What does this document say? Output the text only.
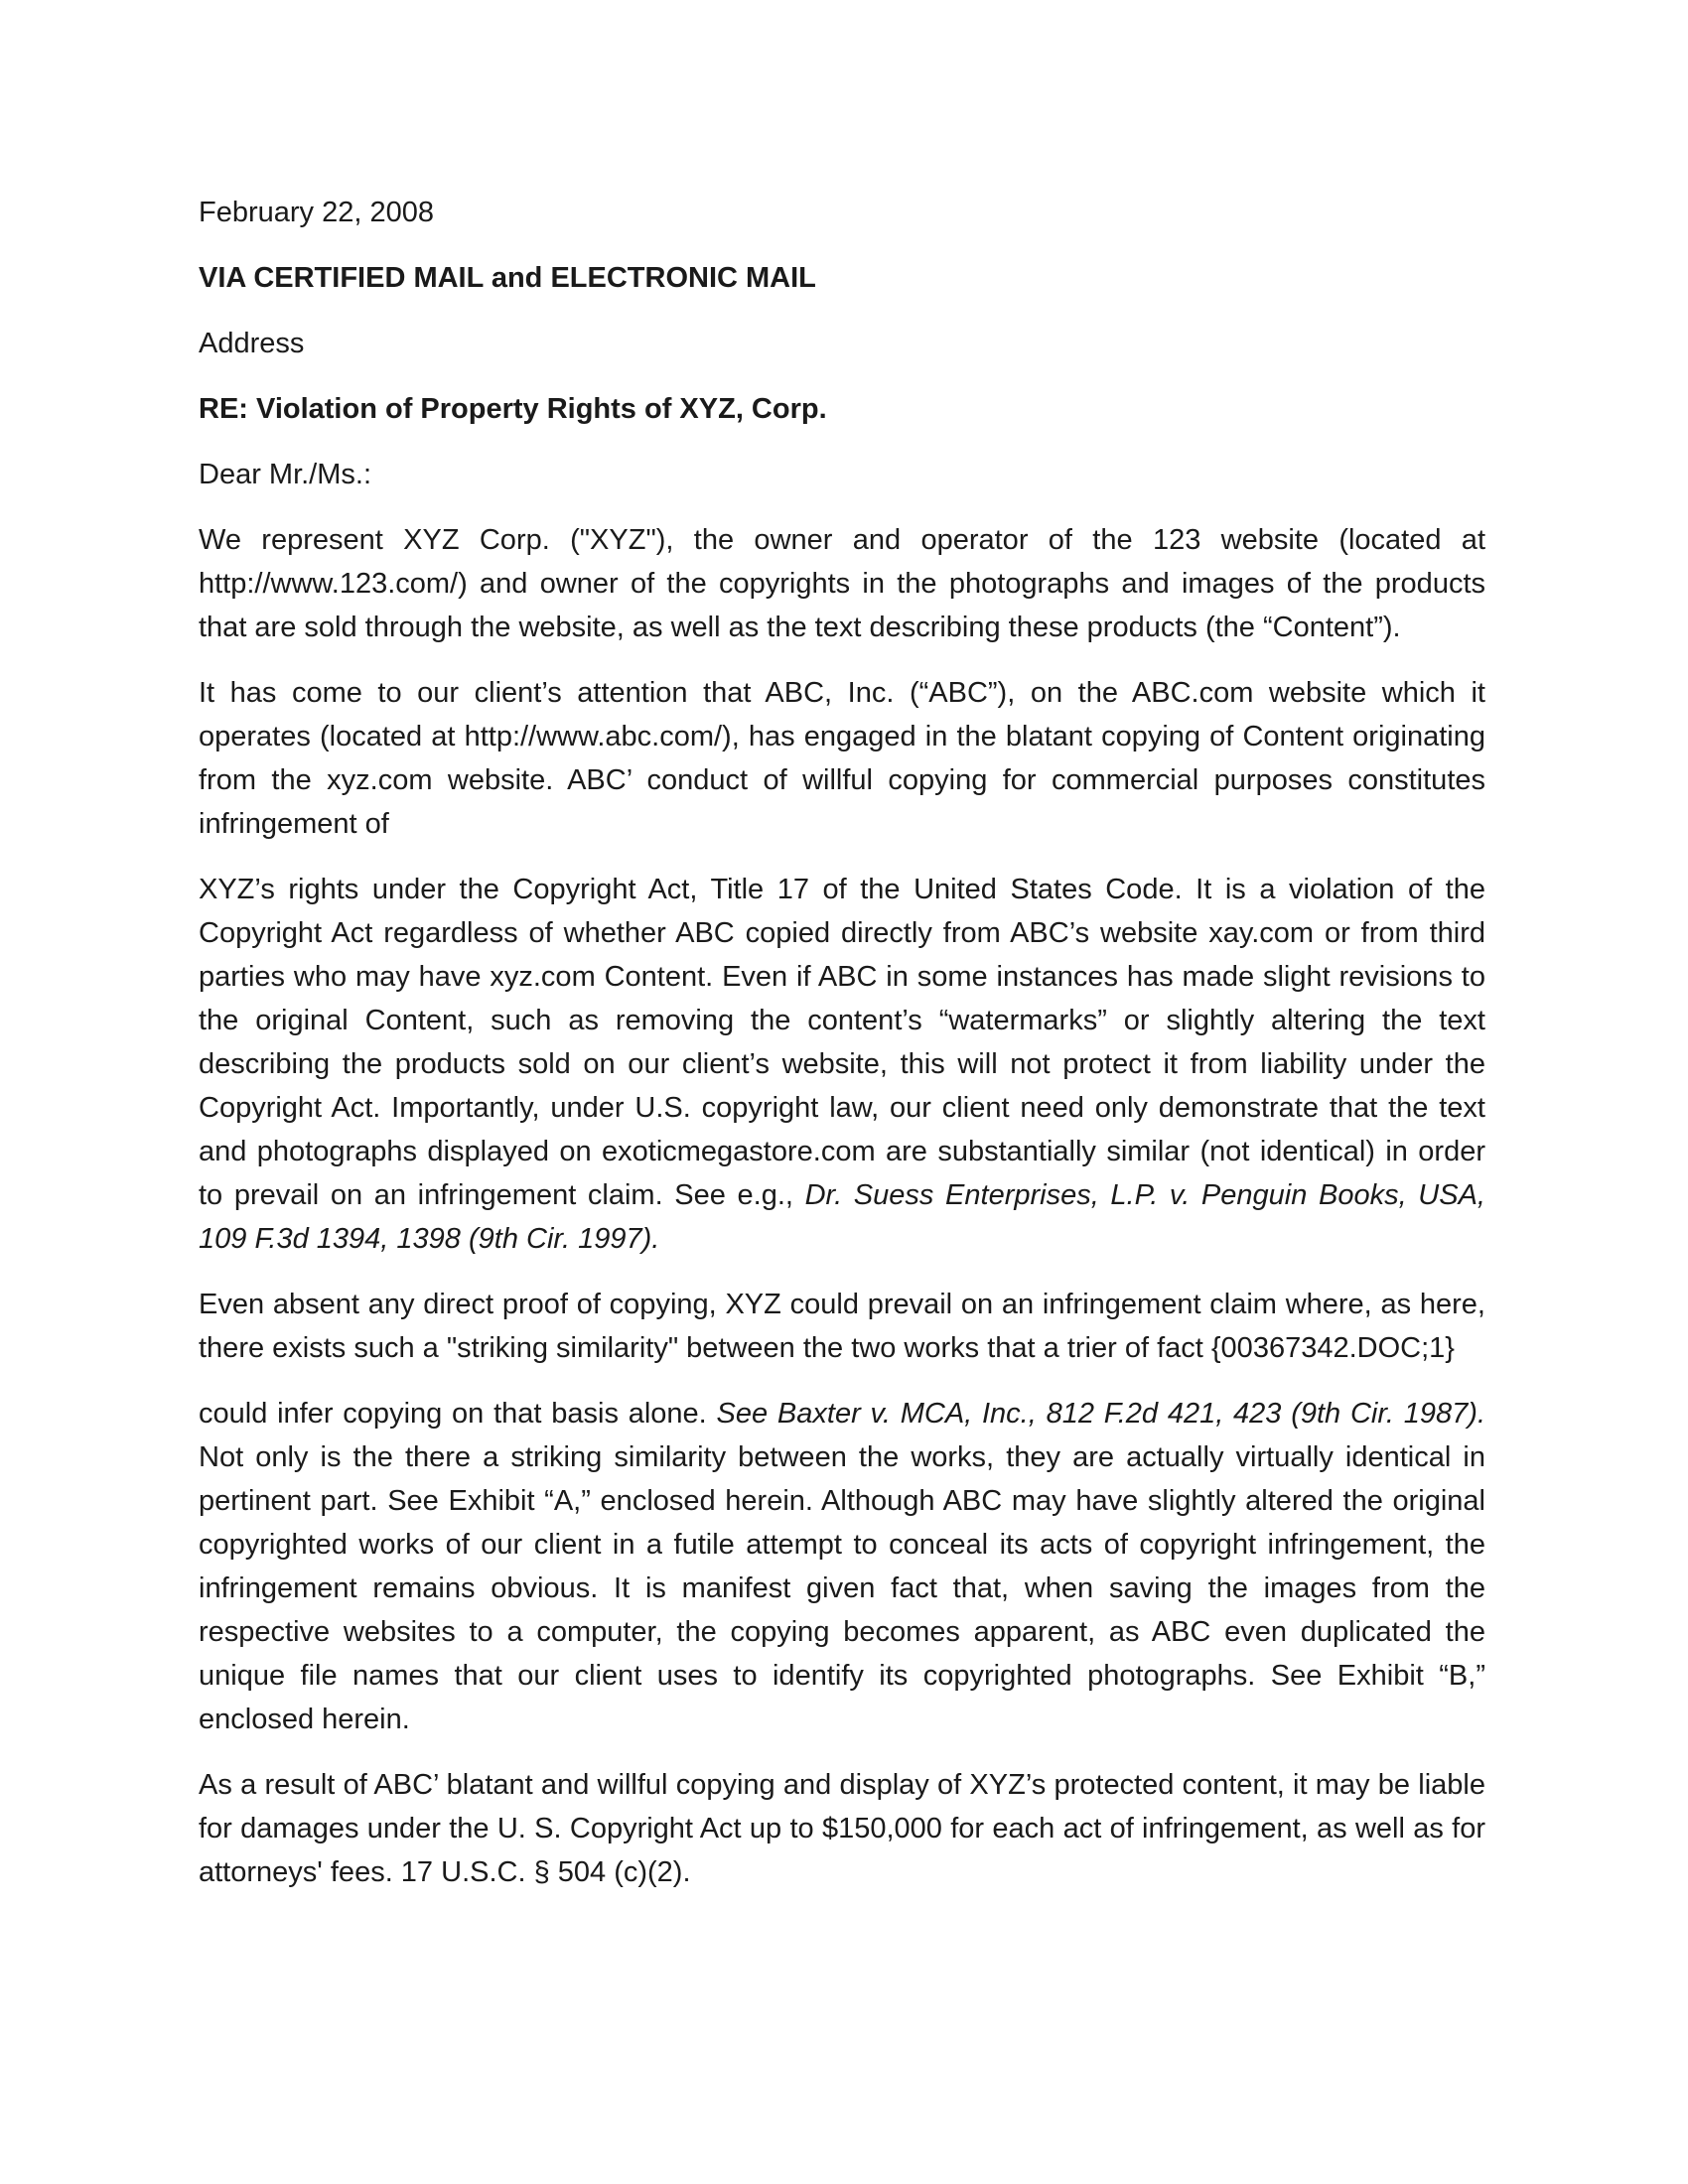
February 22, 2008
VIA CERTIFIED MAIL and ELECTRONIC MAIL
Address
RE: Violation of Property Rights of XYZ, Corp.
Dear Mr./Ms.:

We represent XYZ Corp. ("XYZ"), the owner and operator of the 123 website (located at http://www.123.com/) and owner of the copyrights in the photographs and images of the products that are sold through the website, as well as the text describing these products (the “Content”).

It has come to our client’s attention that ABC, Inc. (“ABC”), on the ABC.com website which it operates (located at http://www.abc.com/), has engaged in the blatant copying of Content originating from the xyz.com website. ABC’ conduct of willful copying for commercial purposes constitutes infringement of

XYZ’s rights under the Copyright Act, Title 17 of the United States Code. It is a violation of the Copyright Act regardless of whether ABC copied directly from ABC’s website xay.com or from third parties who may have xyz.com Content. Even if ABC in some instances has made slight revisions to the original Content, such as removing the content’s “watermarks” or slightly altering the text describing the products sold on our client’s website, this will not protect it from liability under the Copyright Act. Importantly, under U.S. copyright law, our client need only demonstrate that the text and photographs displayed on exoticmegastore.com are substantially similar (not identical) in order to prevail on an infringement claim. See e.g., Dr. Suess Enterprises, L.P. v. Penguin Books, USA, 109 F.3d 1394, 1398 (9th Cir. 1997).

Even absent any direct proof of copying, XYZ could prevail on an infringement claim where, as here, there exists such a "striking similarity" between the two works that a trier of fact {00367342.DOC;1}

could infer copying on that basis alone. See Baxter v. MCA, Inc., 812 F.2d 421, 423 (9th Cir. 1987). Not only is the there a striking similarity between the works, they are actually virtually identical in pertinent part. See Exhibit “A,” enclosed herein. Although ABC may have slightly altered the original copyrighted works of our client in a futile attempt to conceal its acts of copyright infringement, the infringement remains obvious. It is manifest given fact that, when saving the images from the respective websites to a computer, the copying becomes apparent, as ABC even duplicated the unique file names that our client uses to identify its copyrighted photographs. See Exhibit “B,” enclosed herein.

As a result of ABC’ blatant and willful copying and display of XYZ’s protected content, it may be liable for damages under the U. S. Copyright Act up to $150,000 for each act of infringement, as well as for attorneys' fees. 17 U.S.C. § 504 (c)(2).
